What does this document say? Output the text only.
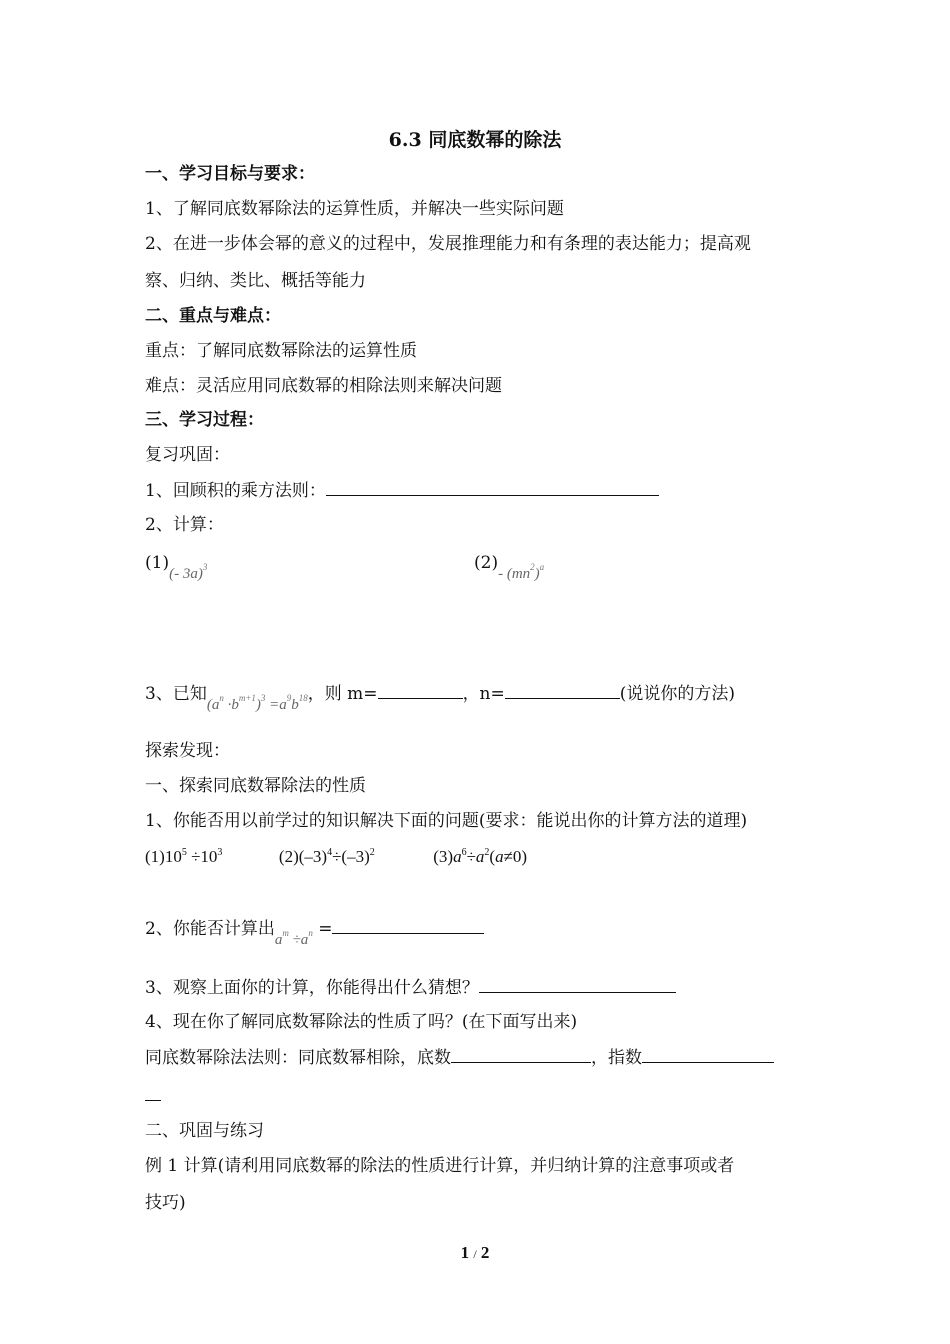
6.3 同底数幂的除法
一、学习目标与要求：
1、了解同底数幂除法的运算性质，并解决一些实际问题
2、在进一步体会幂的意义的过程中，发展推理能力和有条理的表达能力；提高观
察、归纳、类比、概括等能力
二、重点与难点：
重点：了解同底数幂除法的运算性质
难点：灵活应用同底数幂的相除法则来解决问题
三、学习过程：
复习巩固：
1、回顾积的乘方法则：
2、计算：
(1)(- 3a)$^3$	(2)- $(mn^2)^a$
3、已知$(a^n \cdot b^{m+1})^3 =a^9b^{18}$，则 m=	，n=	(说说你的方法)
探索发现：
一、探索同底数幂除法的性质
1、你能否用以前学过的知识解决下面的问题(要求：能说出你的计算方法的道理)
$(1)10^5 \div 10^3$	$(2)(-3)^4\div(-3)^2$	$(3)a^6\div a^2(a\ne 0)$
2、你能否计算出$a^m \div a^n$ =
3、观察上面你的计算，你能得出什么猜想？
4、现在你了解同底数幂除法的性质了吗？(在下面写出来)
同底数幂除法法则：同底数幂相除，底数	，指数
二、巩固与练习
例 1 计算(请利用同底数幂的除法的性质进行计算，并归纳计算的注意事项或者
技巧)
1 / 2
